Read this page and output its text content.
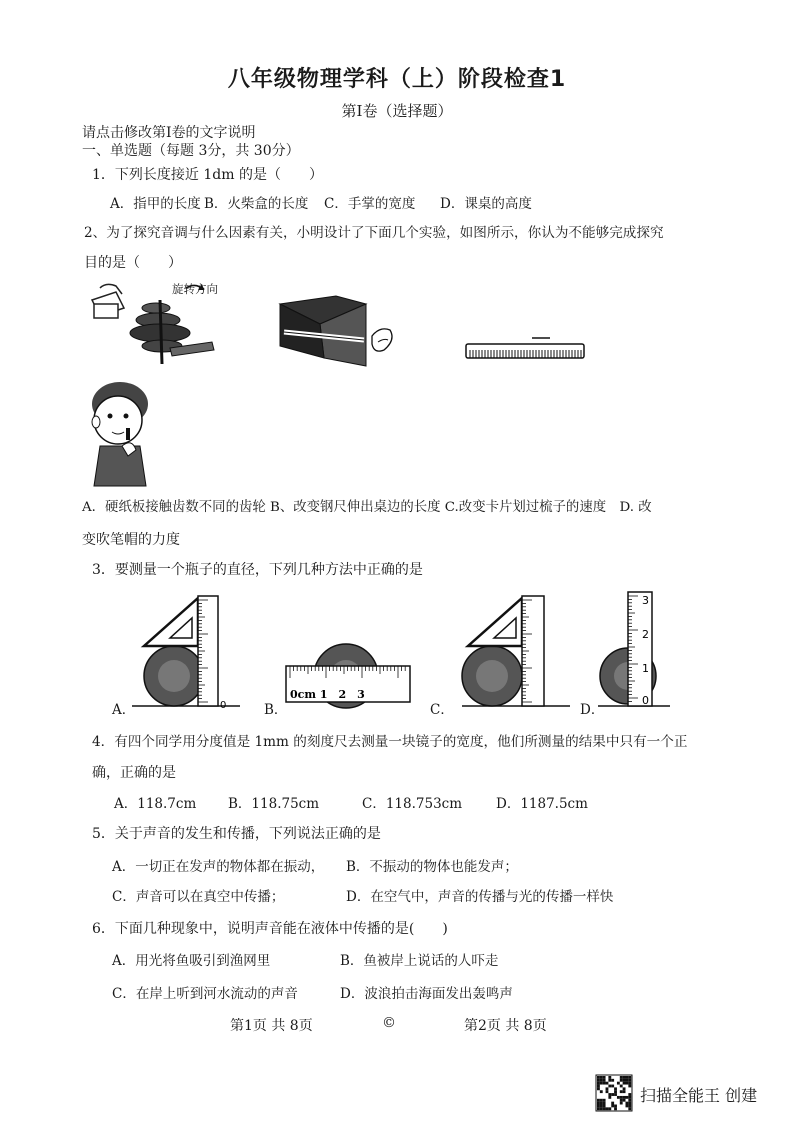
八年级物理学科（上）阶段检查1
第Ⅰ卷（选择题）
请点击修改第Ⅰ卷的文字说明
一、单选题（每题 3分，共 30分）
1．下列长度接近 1dm 的是（　　）
A．指甲的长度 B．火柴盒的长度 C．手掌的宽度 D．课桌的高度
2、为了探究音调与什么因素有关，小明设计了下面几个实验，如图所示，你认为不能够完成探究
目的是（　　）
旋转方向
A．硬纸板接触齿数不同的齿轮 B、改变钢尺伸出桌边的长度 C.改变卡片划过梳子的速度　D. 改
变吹笔帽的力度
3．要测量一个瓶子的直径，下列几种方法中正确的是
0
A．
0cm 1　2　3
B．	C．
3
2
1
0
D．
4．有四个同学用分度值是 1mm 的刻度尺去测量一块镜子的宽度，他们所测量的结果中只有一个正
确，正确的是
A．118.7cm B．118.75cm	C．118.753cm	D．1187.5cm
5．关于声音的发生和传播，下列说法正确的是
A．一切正在发声的物体都在振动， B．不振动的物体也能发声；
C．声音可以在真空中传播；	D．在空气中，声音的传播与光的传播一样快
6．下面几种现象中，说明声音能在液体中传播的是(　　)
A．用光将鱼吸引到渔网里	B．鱼被岸上说话的人吓走
C．在岸上听到河水流动的声音	D．波浪拍击海面发出轰鸣声
第1页 共 8页	©	第2页 共 8页
扫描全能王 创建
